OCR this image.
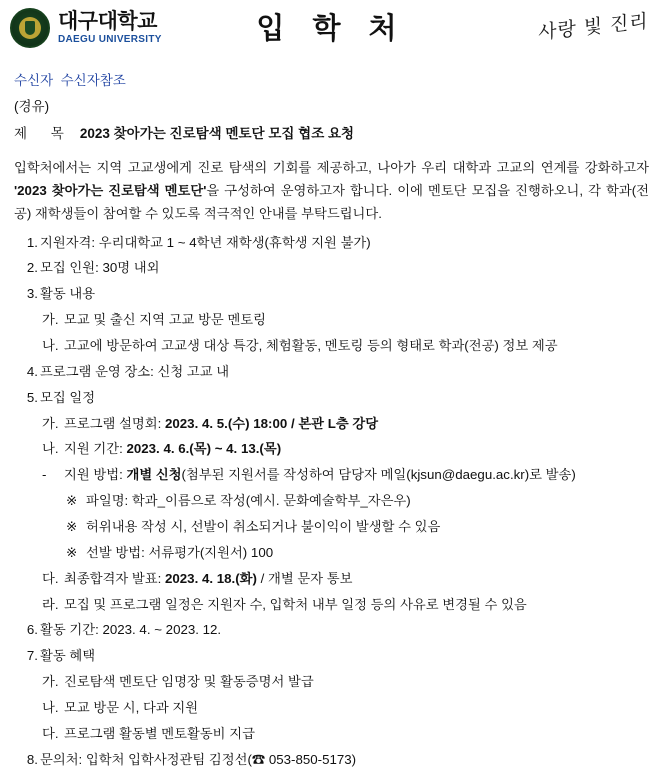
대구대학교
DAEGU UNIVERSITY	입 학 처	사랑 빛 진리
수신자 수신자참조
(경유)
제 목 2023 찾아가는 진로탐색 멘토단 모집 협조 요청
입학처에서는 지역 고교생에게 진로 탐색의 기회를 제공하고, 나아가 우리 대학과 고교의 연계를 강화하고자 '2023 찾아가는 진로탐색 멘토단'을 구성하여 운영하고자 합니다. 이에 멘토단 모집을 진행하오니, 각 학과(전공) 재학생들이 참여할 수 있도록 적극적인 안내를 부탁드립니다.
1. 지원자격: 우리대학교 1 ~ 4학년 재학생(휴학생 지원 불가)
2. 모집 인원: 30명 내외
3. 활동 내용
가. 모교 및 출신 지역 고교 방문 멘토링
나. 고교에 방문하여 고교생 대상 특강, 체험활동, 멘토링 등의 형태로 학과(전공) 정보 제공
4. 프로그램 운영 장소: 신청 고교 내
5. 모집 일정
가. 프로그램 설명회: 2023. 4. 5.(수) 18:00 / 본관 L층 강당
나. 지원 기간: 2023. 4. 6.(목) ~ 4. 13.(목)
- 지원 방법: 개별 신청(첨부된 지원서를 작성하여 담당자 메일(kjsun@daegu.ac.kr)로 발송)
※ 파일명: 학과_이름으로 작성(예시. 문화예술학부_자은우)
※ 허위내용 작성 시, 선발이 취소되거나 불이익이 발생할 수 있음
※ 선발 방법: 서류평가(지원서) 100
다. 최종합격자 발표: 2023. 4. 18.(화) / 개별 문자 통보
라. 모집 및 프로그램 일정은 지원자 수, 입학처 내부 일정 등의 사유로 변경될 수 있음
6. 활동 기간: 2023. 4. ~ 2023. 12.
7. 활동 혜택
가. 진로탐색 멘토단 임명장 및 활동증명서 발급
나. 모교 방문 시, 다과 지원
다. 프로그램 활동별 멘토활동비 지급
8. 문의처: 입학처 입학사정관팀 김정선(☎ 053-850-5173)
